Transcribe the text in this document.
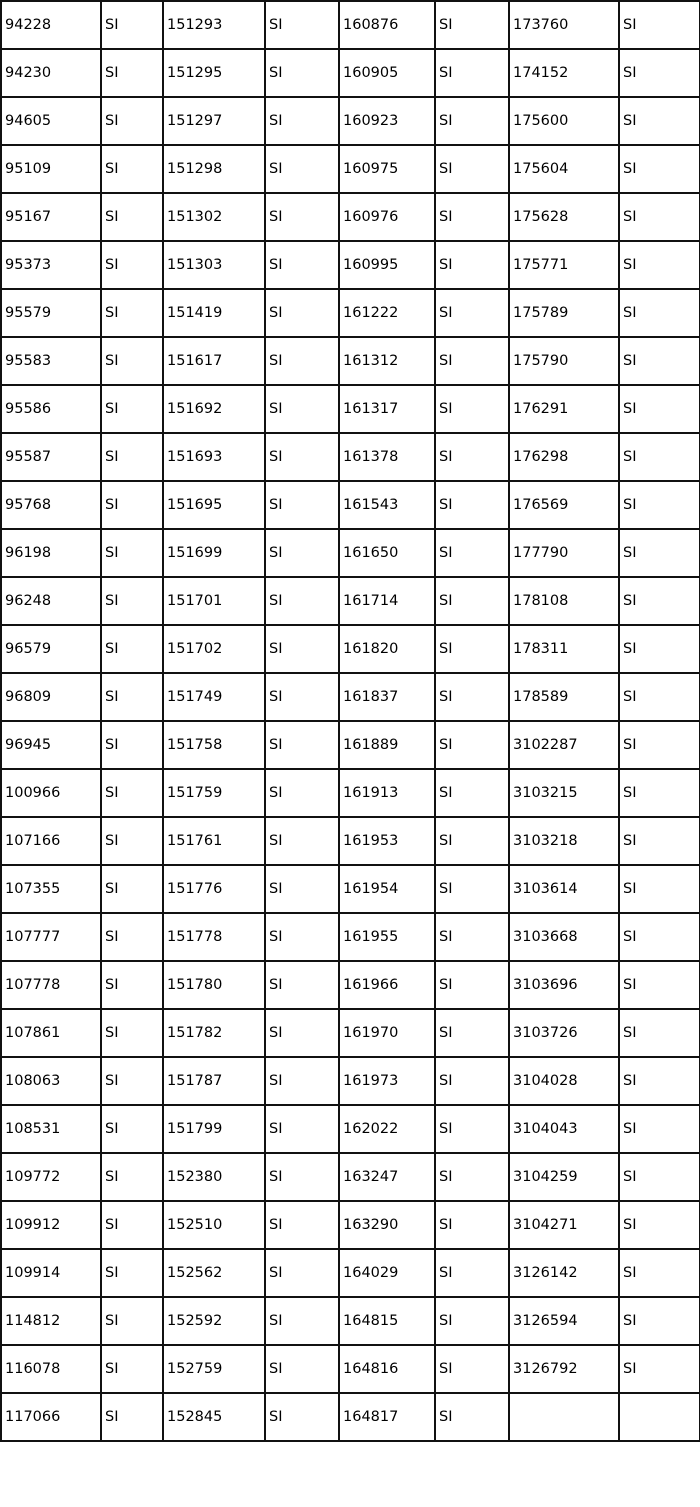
94228	SI	151293	SI	160876	SI	173760	SI
94230	SI	151295	SI	160905	SI	174152	SI
94605	SI	151297	SI	160923	SI	175600	SI
95109	SI	151298	SI	160975	SI	175604	SI
95167	SI	151302	SI	160976	SI	175628	SI
95373	SI	151303	SI	160995	SI	175771	SI
95579	SI	151419	SI	161222	SI	175789	SI
95583	SI	151617	SI	161312	SI	175790	SI
95586	SI	151692	SI	161317	SI	176291	SI
95587	SI	151693	SI	161378	SI	176298	SI
95768	SI	151695	SI	161543	SI	176569	SI
96198	SI	151699	SI	161650	SI	177790	SI
96248	SI	151701	SI	161714	SI	178108	SI
96579	SI	151702	SI	161820	SI	178311	SI
96809	SI	151749	SI	161837	SI	178589	SI
96945	SI	151758	SI	161889	SI	3102287	SI
100966	SI	151759	SI	161913	SI	3103215	SI
107166	SI	151761	SI	161953	SI	3103218	SI
107355	SI	151776	SI	161954	SI	3103614	SI
107777	SI	151778	SI	161955	SI	3103668	SI
107778	SI	151780	SI	161966	SI	3103696	SI
107861	SI	151782	SI	161970	SI	3103726	SI
108063	SI	151787	SI	161973	SI	3104028	SI
108531	SI	151799	SI	162022	SI	3104043	SI
109772	SI	152380	SI	163247	SI	3104259	SI
109912	SI	152510	SI	163290	SI	3104271	SI
109914	SI	152562	SI	164029	SI	3126142	SI
114812	SI	152592	SI	164815	SI	3126594	SI
116078	SI	152759	SI	164816	SI	3126792	SI
117066	SI	152845	SI	164817	SI		
